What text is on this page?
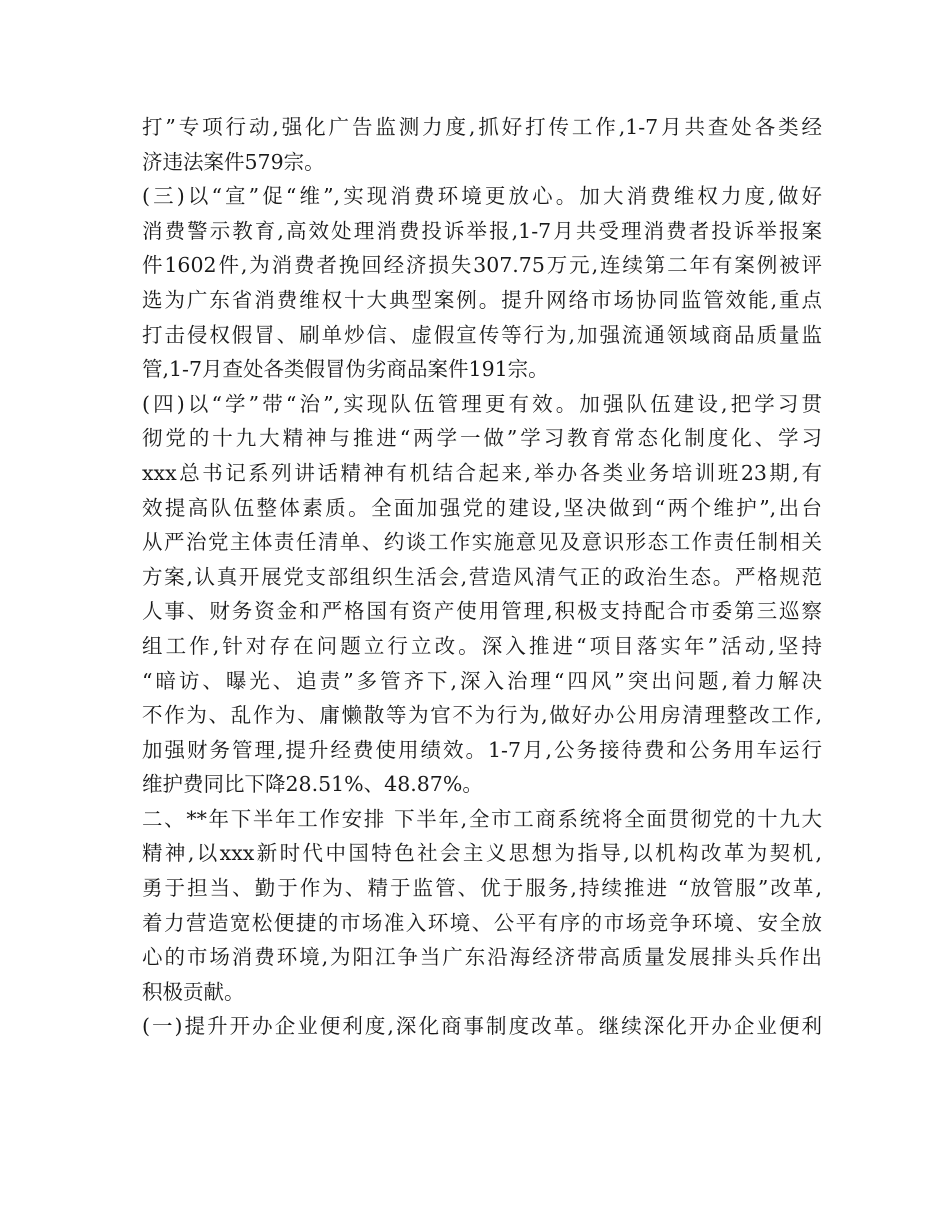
打”专项行动,强化广告监测力度,抓好打传工作,1-7月共查处各类经
济违法案件579宗。
(三)以“宣”促“维”,实现消费环境更放心。加大消费维权力度,做好
消费警示教育,高效处理消费投诉举报,1-7月共受理消费者投诉举报案
件1602件,为消费者挽回经济损失307.75万元,连续第二年有案例被评
选为广东省消费维权十大典型案例。提升网络市场协同监管效能,重点
打击侵权假冒、刷单炒信、虚假宣传等行为,加强流通领域商品质量监
管,1-7月查处各类假冒伪劣商品案件191宗。
(四)以“学”带“治”,实现队伍管理更有效。加强队伍建设,把学习贯
彻党的十九大精神与推进“两学一做”学习教育常态化制度化、学习
xxx总书记系列讲话精神有机结合起来,举办各类业务培训班23期,有
效提高队伍整体素质。全面加强党的建设,坚决做到“两个维护”,出台
从严治党主体责任清单、约谈工作实施意见及意识形态工作责任制相关
方案,认真开展党支部组织生活会,营造风清气正的政治生态。严格规范
人事、财务资金和严格国有资产使用管理,积极支持配合市委第三巡察
组工作,针对存在问题立行立改。深入推进“项目落实年”活动,坚持
“暗访、曝光、追责”多管齐下,深入治理“四风”突出问题,着力解决
不作为、乱作为、庸懒散等为官不为行为,做好办公用房清理整改工作,
加强财务管理,提升经费使用绩效。1-7月,公务接待费和公务用车运行
维护费同比下降28.51%、48.87%。
二、**年下半年工作安排 下半年,全市工商系统将全面贯彻党的十九大
精神,以xxx新时代中国特色社会主义思想为指导,以机构改革为契机,
勇于担当、勤于作为、精于监管、优于服务,持续推进 “放管服”改革,
着力营造宽松便捷的市场准入环境、公平有序的市场竞争环境、安全放
心的市场消费环境,为阳江争当广东沿海经济带高质量发展排头兵作出
积极贡献。
(一)提升开办企业便利度,深化商事制度改革。继续深化开办企业便利
